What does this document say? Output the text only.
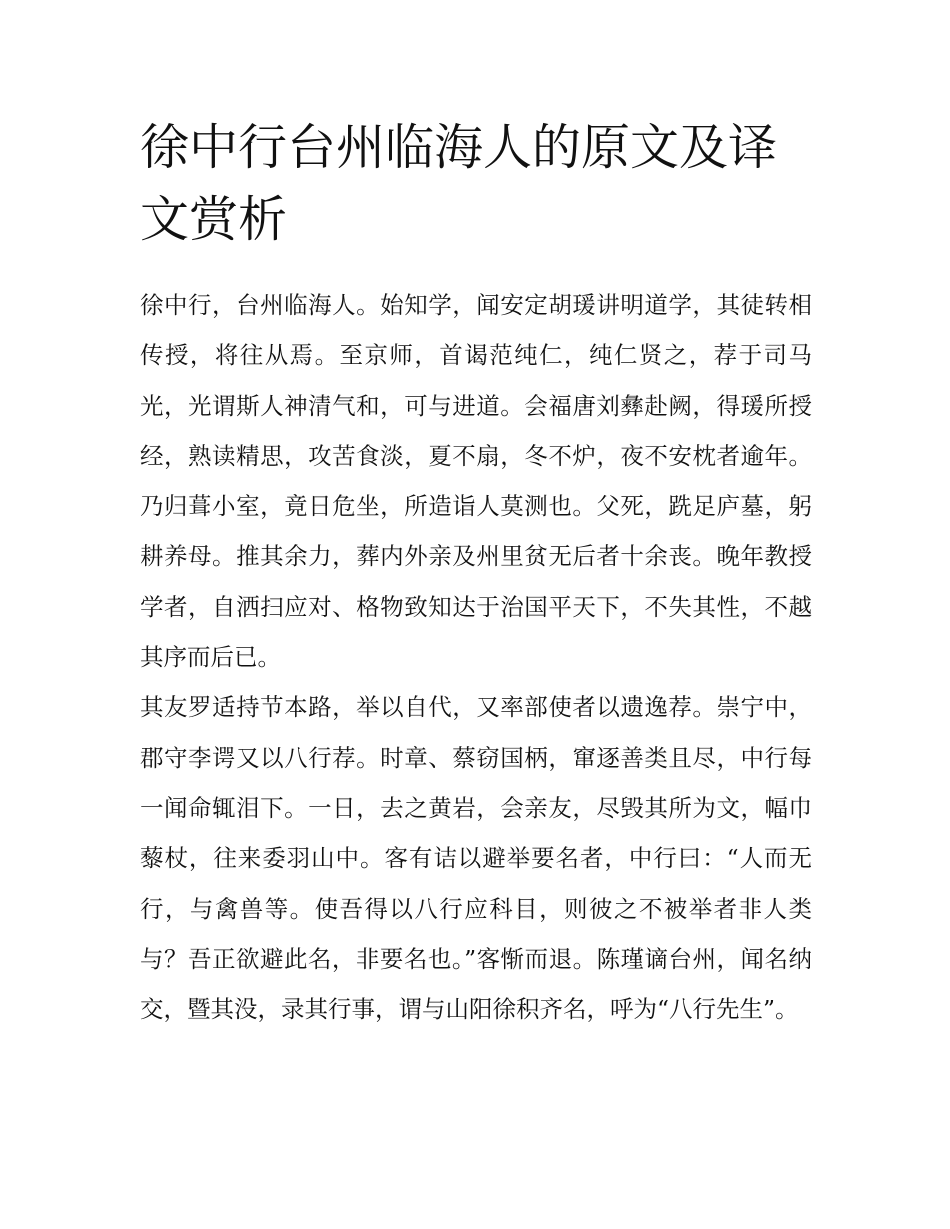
徐中行台州临海人的原文及译文赏析

徐中行，台州临海人。始知学，闻安定胡瑗讲明道学，其徒转相传授，将往从焉。至京师，首谒范纯仁，纯仁贤之，荐于司马光，光谓斯人神清气和，可与进道。会福唐刘彝赴阙，得瑗所授经，熟读精思，攻苦食淡，夏不扇，冬不炉，夜不安枕者逾年。乃归葺小室，竟日危坐，所造诣人莫测也。父死，跣足庐墓，躬耕养母。推其余力，葬内外亲及州里贫无后者十余丧。晚年教授学者，自洒扫应对、格物致知达于治国平天下，不失其性，不越其序而后已。

其友罗适持节本路，举以自代，又率部使者以遗逸荐。崇宁中，郡守李谔又以八行荐。时章、蔡窃国柄，窜逐善类且尽，中行每一闻命辄泪下。一日，去之黄岩，会亲友，尽毁其所为文，幅巾藜杖，往来委羽山中。客有诘以避举要名者，中行曰：“人而无行，与禽兽等。使吾得以八行应科目，则彼之不被举者非人类与？吾正欲避此名，非要名也。”客惭而退。陈瑾谪台州，闻名纳交，暨其没，录其行事，谓与山阳徐积齐名，呼为“八行先生”。
